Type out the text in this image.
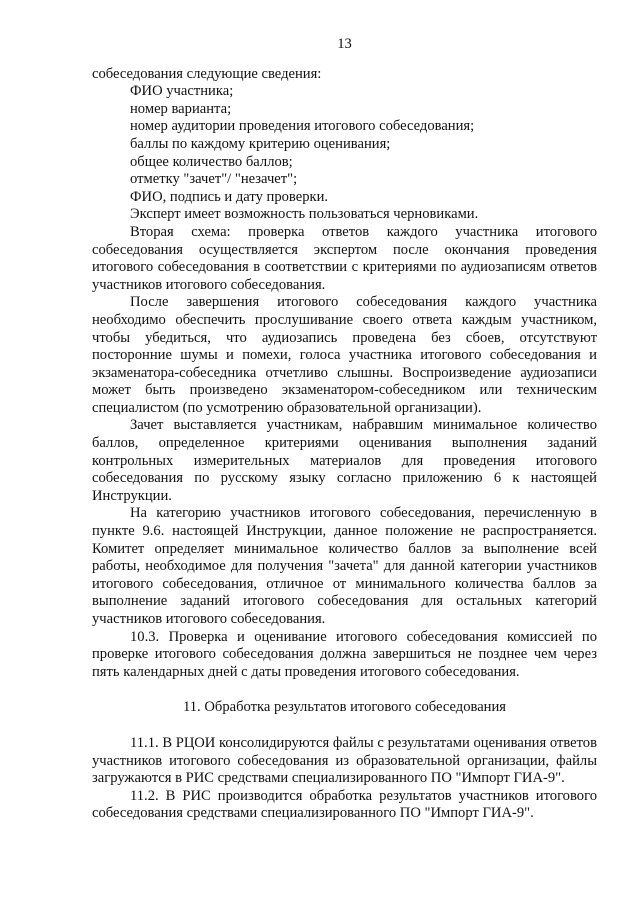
13

собеседования следующие сведения:

ФИО участника;
номер варианта;
номер аудитории проведения итогового собеседования;
баллы по каждому критерию оценивания;
общее количество баллов;
отметку "зачет"/ "незачет";
ФИО, подпись и дату проверки.

Эксперт имеет возможность пользоваться черновиками.

Вторая схема: проверка ответов каждого участника итогового собеседования осуществляется экспертом после окончания проведения итогового собеседования в соответствии с критериями по аудиозаписям ответов участников итогового собеседования.

После завершения итогового собеседования каждого участника необходимо обеспечить прослушивание своего ответа каждым участником, чтобы убедиться, что аудиозапись проведена без сбоев, отсутствуют посторонние шумы и помехи, голоса участника итогового собеседования и экзаменатора-собеседника отчетливо слышны. Воспроизведение аудиозаписи может быть произведено экзаменатором-собеседником или техническим специалистом (по усмотрению образовательной организации).

Зачет выставляется участникам, набравшим минимальное количество баллов, определенное критериями оценивания выполнения заданий контрольных измерительных материалов для проведения итогового собеседования по русскому языку согласно приложению 6 к настоящей Инструкции.

На категорию участников итогового собеседования, перечисленную в пункте 9.6. настоящей Инструкции, данное положение не распространяется. Комитет определяет минимальное количество баллов за выполнение всей работы, необходимое для получения "зачета" для данной категории участников итогового собеседования, отличное от минимального количества баллов за выполнение заданий итогового собеседования для остальных категорий участников итогового собеседования.

10.3. Проверка и оценивание итогового собеседования комиссией по проверке итогового собеседования должна завершиться не позднее чем через пять календарных дней с даты проведения итогового собеседования.

11. Обработка результатов итогового собеседования

11.1. В РЦОИ консолидируются файлы с результатами оценивания ответов участников итогового собеседования из образовательной организации, файлы загружаются в РИС средствами специализированного ПО "Импорт ГИА-9".

11.2. В РИС производится обработка результатов участников итогового собеседования средствами специализированного ПО "Импорт ГИА-9".
